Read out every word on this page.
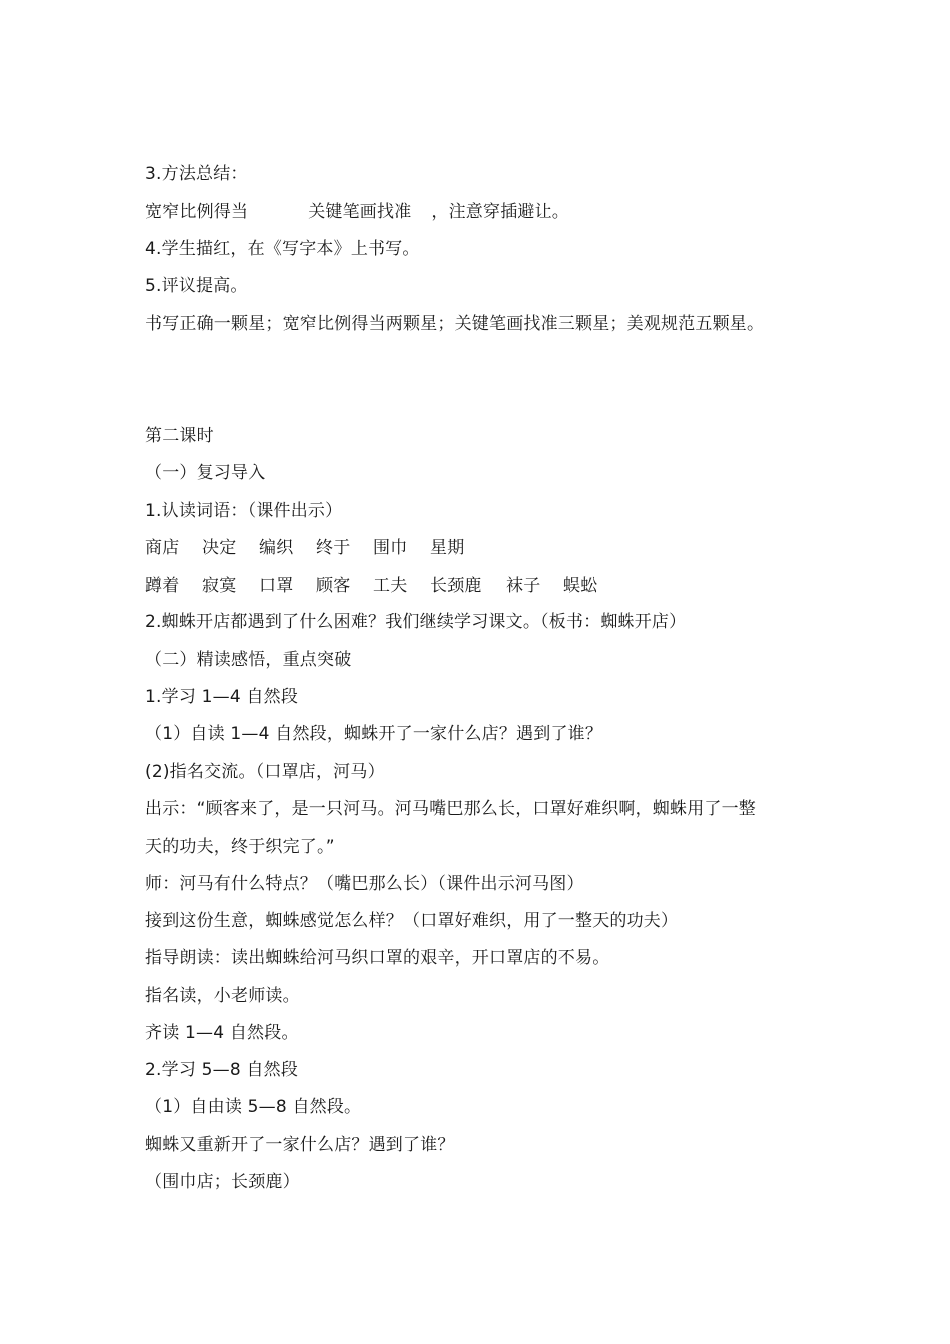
3.方法总结：
宽窄比例得当	关键笔画找准 ，注意穿插避让。
4.学生描红，在《写字本》上书写。
5.评议提高。
书写正确一颗星；宽窄比例得当两颗星；关键笔画找准三颗星；美观规范五颗星。
第二课时
（一）复习导入
1.认读词语：（课件出示）
商店 决定 编织 终于 围巾 星期
蹲着 寂寞 口罩 顾客 工夫 长颈鹿 袜子 蜈蚣
2.蜘蛛开店都遇到了什么困难？我们继续学习课文。（板书：蜘蛛开店）
（二）精读感悟，重点突破
1.学习 1—4 自然段
（1）自读 1—4 自然段，蜘蛛开了一家什么店？遇到了谁？
(2)指名交流。（口罩店，河马）
出示：“顾客来了，是一只河马。河马嘴巴那么长，口罩好难织啊，蜘蛛用了一整
天的功夫，终于织完了。”
师：河马有什么特点？（嘴巴那么长）（课件出示河马图）
接到这份生意，蜘蛛感觉怎么样？（口罩好难织，用了一整天的功夫）
指导朗读：读出蜘蛛给河马织口罩的艰辛，开口罩店的不易。
指名读，小老师读。
齐读 1—4 自然段。
2.学习 5—8 自然段
（1）自由读 5—8 自然段。
蜘蛛又重新开了一家什么店？遇到了谁？
（围巾店；长颈鹿）
